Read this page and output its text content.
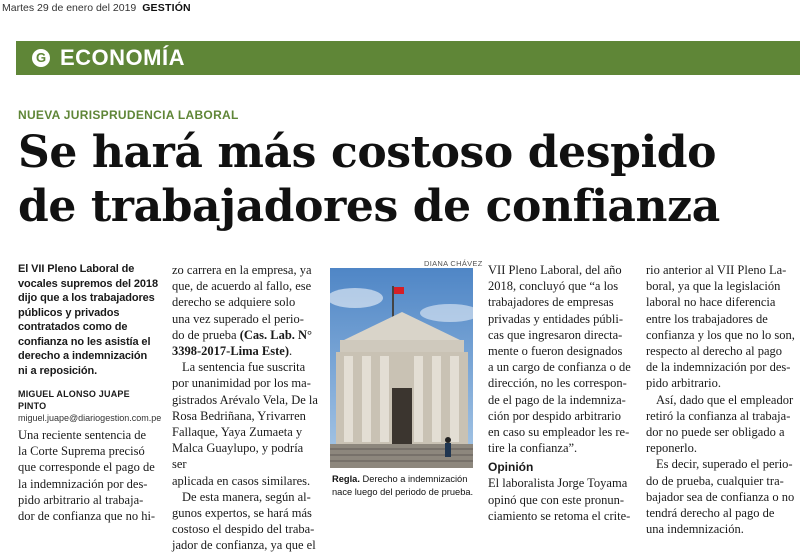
Martes 29 de enero del 2019 GESTIÓN
G ECONOMÍA
NUEVA JURISPRUDENCIA LABORAL
Se hará más costoso despido
de trabajadores de confianza

El VII Pleno Laboral de
vocales supremos del 2018
dijo que a los trabajadores
públicos y privados
contratados como de
confianza no les asistía el
derecho a indemnización
ni a reposición.

MIGUEL ALONSO JUAPE PINTO

miguel.juape@diariogestion.com.pe

Una reciente sentencia de
la Corte Suprema precisó
que corresponde el pago de
la indemnización por des-
pido arbitrario al trabaja-
dor de confianza que no hi-

zo carrera en la empresa, ya
que, de acuerdo al fallo, ese
derecho se adquiere solo
una vez superado el perio-
do de prueba (Cas. Lab. N°
3398-2017-Lima Este).

La sentencia fue suscrita
por unanimidad por los ma-
gistrados Arévalo Vela, De la
Rosa Bedriñana, Yrivarren
Fallaque, Yaya Zumaeta y
Malca Guaylupo, y podría ser
aplicada en casos similares.

De esta manera, según al-
gunos expertos, se hará más
costoso el despido del traba-
jador de confianza, ya que el

DIANA CHÁVEZ
Regla. Derecho a indemnización nace luego del periodo de prueba.

VII Pleno Laboral, del año
2018, concluyó que “a los
trabajadores de empresas
privadas y entidades públi-
cas que ingresaron directa-
mente o fueron designados
a un cargo de confianza o de
dirección, no les correspon-
de el pago de la indemniza-
ción por despido arbitrario
en caso su empleador les re-
tire la confianza”.

Opinión

El laboralista Jorge Toyama
opinó que con este pronun-
ciamiento se retoma el crite-

rio anterior al VII Pleno La-
boral, ya que la legislación
laboral no hace diferencia
entre los trabajadores de
confianza y los que no lo son,
respecto al derecho al pago
de la indemnización por des-
pido arbitrario.

Así, dado que el empleador
retiró la confianza al trabaja-
dor no puede ser obligado a
reponerlo.

Es decir, superado el perio-
do de prueba, cualquier tra-
bajador sea de confianza o no
tendrá derecho al pago de
una indemnización.
